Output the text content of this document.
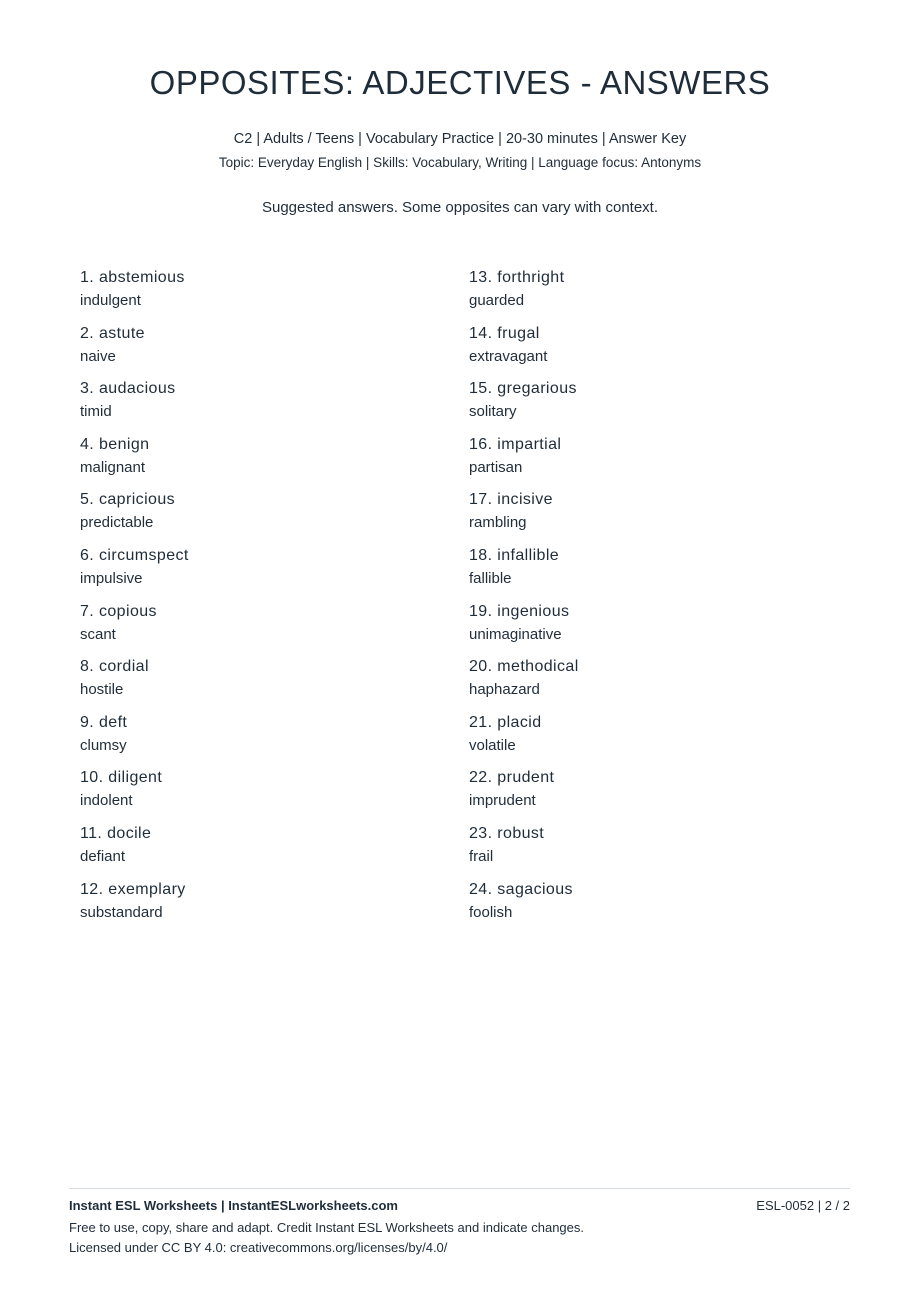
OPPOSITES: ADJECTIVES - ANSWERS
C2 | Adults / Teens | Vocabulary Practice | 20-30 minutes | Answer Key
Topic: Everyday English | Skills: Vocabulary, Writing | Language focus: Antonyms
Suggested answers. Some opposites can vary with context.
1. abstemious
indulgent
2. astute
naive
3. audacious
timid
4. benign
malignant
5. capricious
predictable
6. circumspect
impulsive
7. copious
scant
8. cordial
hostile
9. deft
clumsy
10. diligent
indolent
11. docile
defiant
12. exemplary
substandard
13. forthright
guarded
14. frugal
extravagant
15. gregarious
solitary
16. impartial
partisan
17. incisive
rambling
18. infallible
fallible
19. ingenious
unimaginative
20. methodical
haphazard
21. placid
volatile
22. prudent
imprudent
23. robust
frail
24. sagacious
foolish
Instant ESL Worksheets | InstantESLworksheets.com	ESL-0052 | 2 / 2
Free to use, copy, share and adapt. Credit Instant ESL Worksheets and indicate changes.
Licensed under CC BY 4.0: creativecommons.org/licenses/by/4.0/
